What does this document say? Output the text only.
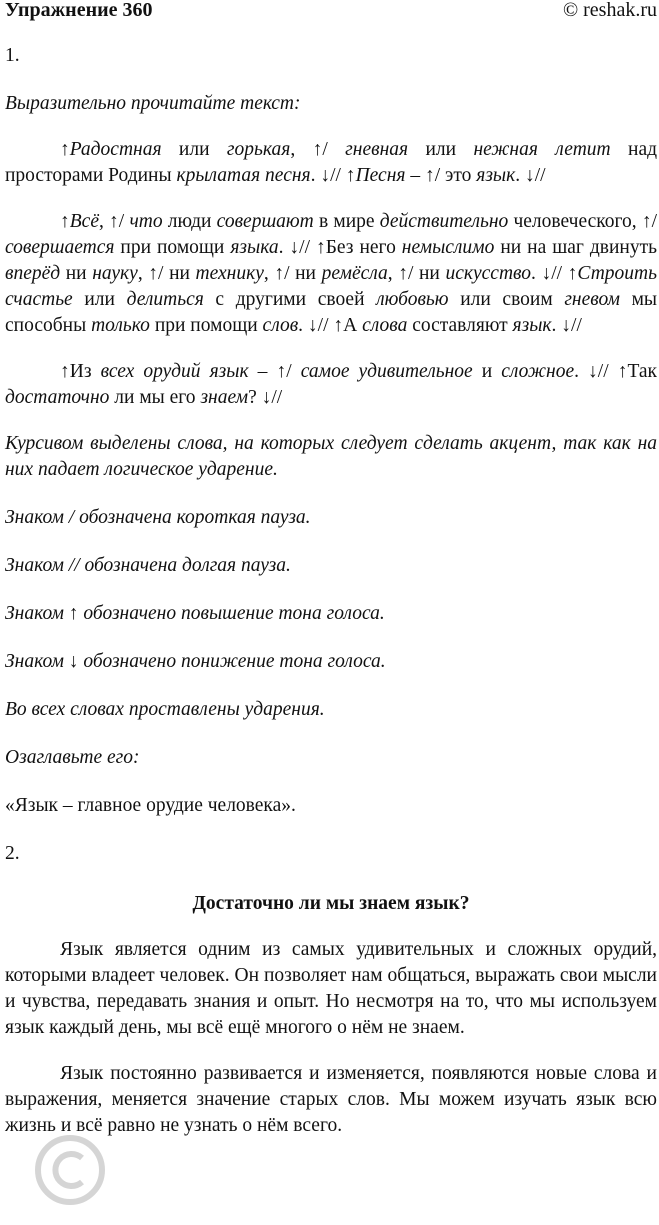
Упражнение 360	© reshak.ru

1.

Выразительно прочитайте текст:

↑Радостная или горькая, ↑/ гневная или нежная летит над просторами Родины крылатая песня. ↓// ↑Песня – ↑/ это язык. ↓//

↑Всё, ↑/ что люди совершают в мире действительно человеческого, ↑/ совершается при помощи языка. ↓// ↑Без него немыслимо ни на шаг двинуть вперёд ни науку, ↑/ ни технику, ↑/ ни ремёсла, ↑/ ни искусство. ↓// ↑Строить счастье или делиться с другими своей любовью или своим гневом мы способны только при помощи слов. ↓// ↑А слова составляют язык. ↓//

↑Из всех орудий язык – ↑/ самое удивительное и сложное. ↓// ↑Так достаточно ли мы его знаем? ↓//

Курсивом выделены слова, на которых следует сделать акцент, так как на них падает логическое ударение.

Знаком / обозначена короткая пауза.

Знаком // обозначена долгая пауза.

Знаком ↑ обозначено повышение тона голоса.

Знаком ↓ обозначено понижение тона голоса.

Во всех словах проставлены ударения.

Озаглавьте его:

«Язык – главное орудие человека».

2.

Достаточно ли мы знаем язык?

Язык является одним из самых удивительных и сложных орудий, которыми владеет человек. Он позволяет нам общаться, выражать свои мысли и чувства, передавать знания и опыт. Но несмотря на то, что мы используем язык каждый день, мы всё ещё многого о нём не знаем.

Язык постоянно развивается и изменяется, появляются новые слова и выражения, меняется значение старых слов. Мы можем изучать язык всю жизнь и всё равно не узнать о нём всего.
